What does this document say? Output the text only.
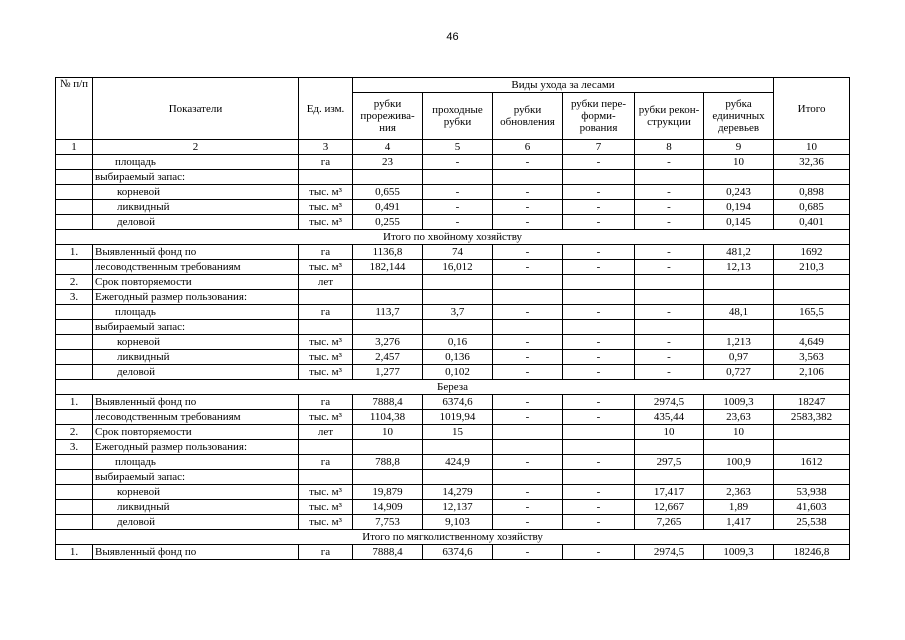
46
№ п/п	Показатели	Ед. изм.	Виды ухода за лесами						Итого
			рубки прорежива-ния	проходные рубки	рубки обновления	рубки пере-форми-рования	рубки рекон-струкции	рубка единичных деревьев	
1	2	3	4	5	6	7	8	9	10
	площадь	га	23	-	-	-	-	10	32,36
	выбираемый запас:								
	корневой	тыс. м³	0,655	-	-	-	-	0,243	0,898
	ликвидный	тыс. м³	0,491	-	-	-	-	0,194	0,685
	деловой	тыс. м³	0,255	-	-	-	-	0,145	0,401
Итого по хвойному хозяйству									
1.	Выявленный фонд по	га	1136,8	74	-	-	-	481,2	1692
	лесоводственным требованиям	тыс. м³	182,144	16,012	-	-	-	12,13	210,3
2.	Срок повторяемости	лет							
3.	Ежегодный размер пользования:								
	площадь	га	113,7	3,7	-	-	-	48,1	165,5
	выбираемый запас:								
	корневой	тыс. м³	3,276	0,16	-	-	-	1,213	4,649
	ликвидный	тыс. м³	2,457	0,136	-	-	-	0,97	3,563
	деловой	тыс. м³	1,277	0,102	-	-	-	0,727	2,106
Береза									
1.	Выявленный фонд по	га	7888,4	6374,6	-	-	2974,5	1009,3	18247
	лесоводственным требованиям	тыс. м³	1104,38	1019,94	-	-	435,44	23,63	2583,382
2.	Срок повторяемости	лет	10	15			10	10	
3.	Ежегодный размер пользования:								
	площадь	га	788,8	424,9	-	-	297,5	100,9	1612
	выбираемый запас:								
	корневой	тыс. м³	19,879	14,279	-	-	17,417	2,363	53,938
	ликвидный	тыс. м³	14,909	12,137	-	-	12,667	1,89	41,603
	деловой	тыс. м³	7,753	9,103	-	-	7,265	1,417	25,538
Итого по мягколиственному хозяйству									
1.	Выявленный фонд по	га	7888,4	6374,6	-	-	2974,5	1009,3	18246,8
